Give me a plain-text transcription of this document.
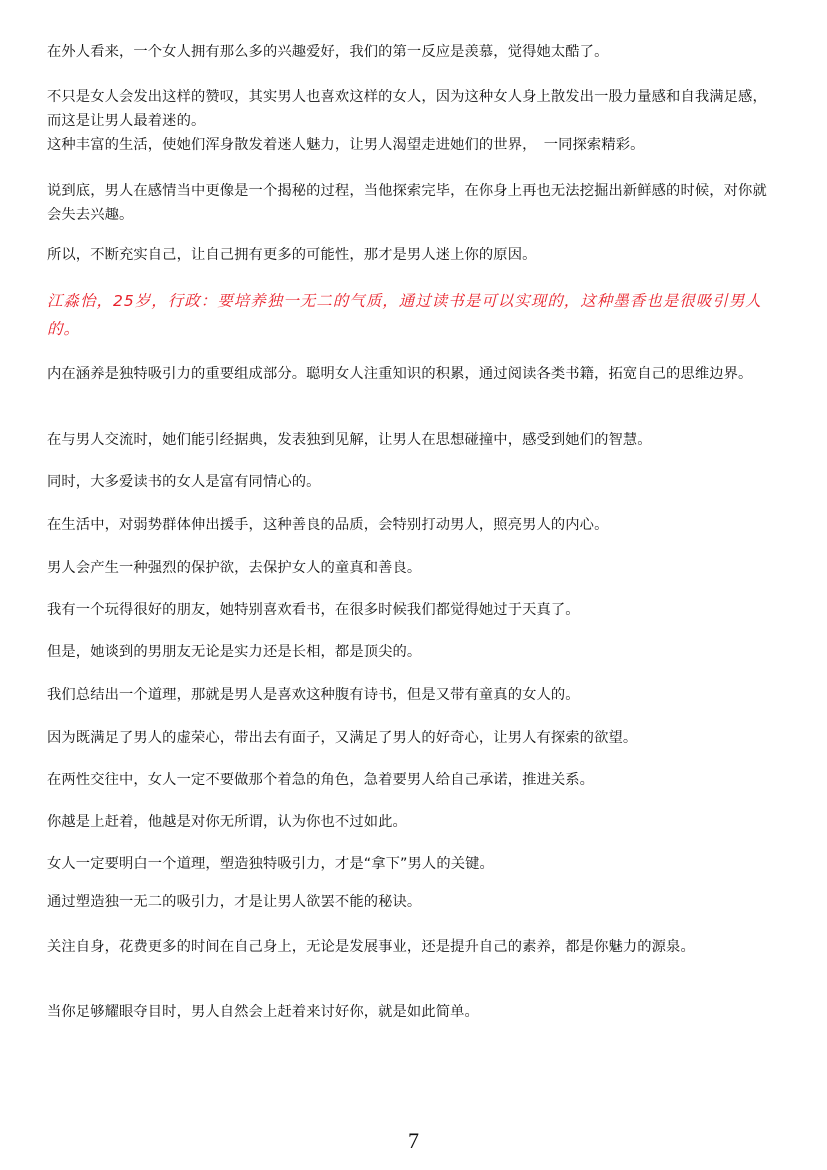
在外人看来，一个女人拥有那么多的兴趣爱好，我们的第一反应是羡慕，觉得她太酷了。

不只是女人会发出这样的赞叹，其实男人也喜欢这样的女人，因为这种女人身上散发出一股力量感和自我满足感，而这是让男人最着迷的。

这种丰富的生活，使她们浑身散发着迷人魅力，让男人渴望走进她们的世界，　一同探索精彩。

说到底，男人在感情当中更像是一个揭秘的过程，当他探索完毕，在你身上再也无法挖掘出新鲜感的时候，对你就会失去兴趣。

所以，不断充实自己，让自己拥有更多的可能性，那才是男人迷上你的原因。

江淼怡，25岁，行政：要培养独一无二的气质，通过读书是可以实现的，这种墨香也是很吸引男人的。

内在涵养是独特吸引力的重要组成部分。聪明女人注重知识的积累，通过阅读各类书籍，拓宽自己的思维边界。

在与男人交流时，她们能引经据典，发表独到见解，让男人在思想碰撞中，感受到她们的智慧。

同时，大多爱读书的女人是富有同情心的。

在生活中，对弱势群体伸出援手，这种善良的品质，会特别打动男人，照亮男人的内心。

男人会产生一种强烈的保护欲，去保护女人的童真和善良。

我有一个玩得很好的朋友，她特别喜欢看书，在很多时候我们都觉得她过于天真了。

但是，她谈到的男朋友无论是实力还是长相，都是顶尖的。

我们总结出一个道理，那就是男人是喜欢这种腹有诗书，但是又带有童真的女人的。

因为既满足了男人的虚荣心，带出去有面子，又满足了男人的好奇心，让男人有探索的欲望。

在两性交往中，女人一定不要做那个着急的角色，急着要男人给自己承诺，推进关系。

你越是上赶着，他越是对你无所谓，认为你也不过如此。

女人一定要明白一个道理，塑造独特吸引力，才是“拿下”男人的关键。

通过塑造独一无二的吸引力，才是让男人欲罢不能的秘诀。

关注自身，花费更多的时间在自己身上，无论是发展事业，还是提升自己的素养，都是你魅力的源泉。

当你足够耀眼夺目时，男人自然会上赶着来讨好你，就是如此简单。

7
